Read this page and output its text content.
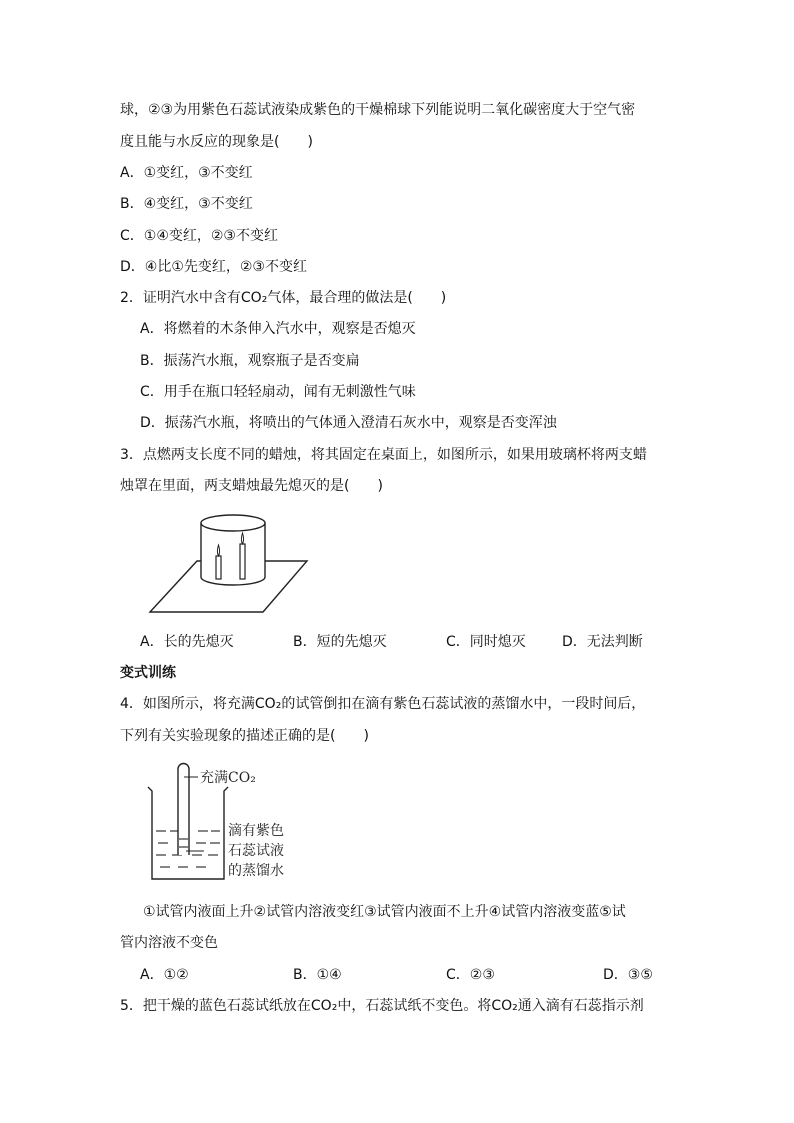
球，②③为用紫色石蕊试液染成紫色的干燥棉球下列能说明二氧化碳密度大于空气密
度且能与水反应的现象是(　　)
A．①变红，③不变红
B．④变红，③不变红
C．①④变红，②③不变红
D．④比①先变红，②③不变红
2．证明汽水中含有CO₂气体，最合理的做法是(　　)
A．将燃着的木条伸入汽水中，观察是否熄灭
B．振荡汽水瓶，观察瓶子是否变扁
C．用手在瓶口轻轻扇动，闻有无刺激性气味
D．振荡汽水瓶，将喷出的气体通入澄清石灰水中，观察是否变浑浊
3．点燃两支长度不同的蜡烛，将其固定在桌面上，如图所示，如果用玻璃杯将两支蜡
烛罩在里面，两支蜡烛最先熄灭的是(　　)
A．长的先熄灭	B．短的先熄灭	C．同时熄灭	D．无法判断
变式训练
4．如图所示，将充满CO₂的试管倒扣在滴有紫色石蕊试液的蒸馏水中，一段时间后，
下列有关实验现象的描述正确的是(　　)
充满CO₂
滴有紫色
石蕊试液
的蒸馏水
①试管内液面上升②试管内溶液变红③试管内液面不上升④试管内溶液变蓝⑤试
管内溶液不变色
A．①②	B．①④	C．②③	D．③⑤
5．把干燥的蓝色石蕊试纸放在CO₂中，石蕊试纸不变色。将CO₂通入滴有石蕊指示剂
